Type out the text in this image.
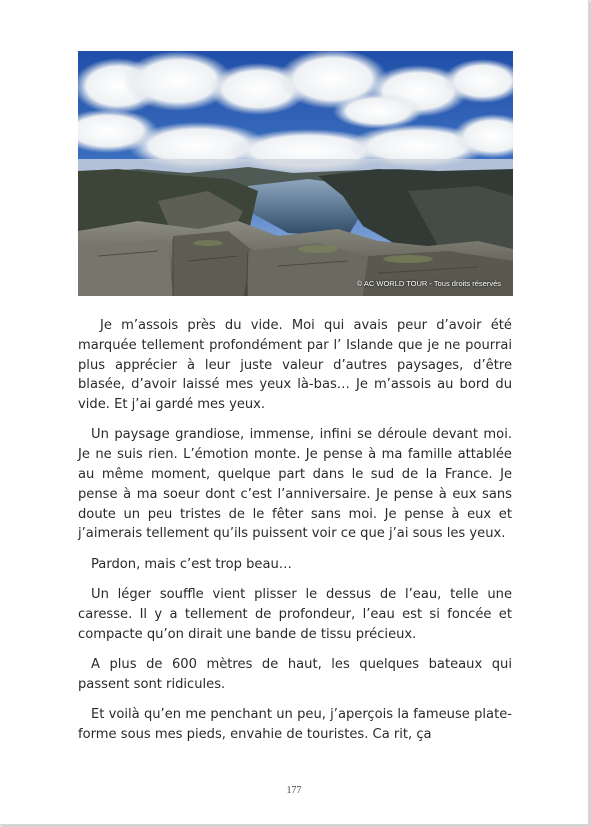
© AC WORLD TOUR - Tous droits réservés

Je m’assois près du vide. Moi qui avais peur d’avoir été marquée tellement profondément par l’ Islande que je ne pourrai plus apprécier à leur juste valeur d’autres paysages, d’être blasée, d’avoir laissé mes yeux là-bas… Je m’assois au bord du vide. Et j’ai gardé mes yeux.

Un paysage grandiose, immense, infini se déroule devant moi. Je ne suis rien. L’émotion monte. Je pense à ma famille attablée au même moment, quelque part dans le sud de la France. Je pense à ma soeur dont c’est l’anniversaire. Je pense à eux sans doute un peu tristes de le fêter sans moi. Je pense à eux et j’aimerais tellement qu’ils puissent voir ce que j’ai sous les yeux.

Pardon, mais c’est trop beau…

Un léger souffle vient plisser le dessus de l’eau, telle une caresse. Il y a tellement de profondeur, l’eau est si foncée et compacte qu’on dirait une bande de tissu précieux.

A plus de 600 mètres de haut, les quelques bateaux qui passent sont ridicules.

Et voilà qu’en me penchant un peu, j’aperçois la fameuse plate-forme sous mes pieds, envahie de touristes. Ca rit, ça

177
